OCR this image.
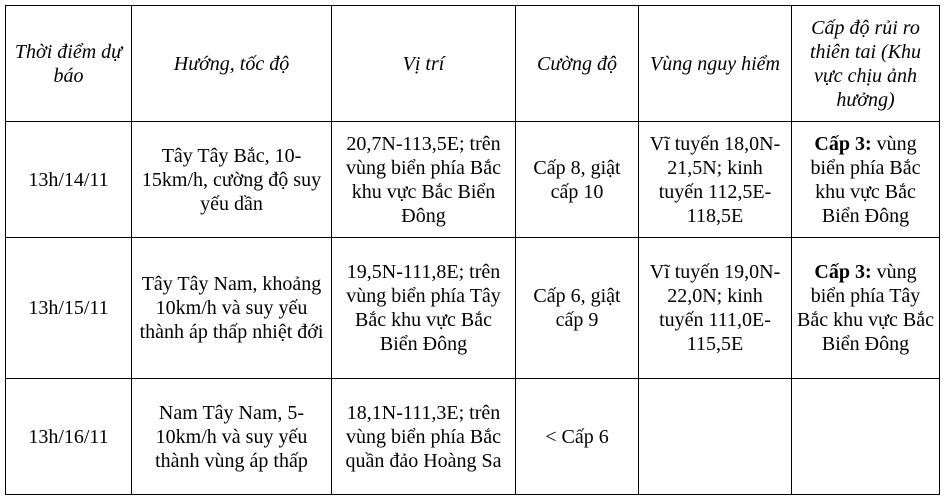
Thời điểm dự báo	Hướng, tốc độ	Vị trí	Cường độ	Vùng nguy hiểm	Cấp độ rủi ro thiên tai (Khu vực chịu ảnh hưởng)
13h/14/11	Tây Tây Bắc, 10-15km/h, cường độ suy yếu dần	20,7N-113,5E; trên vùng biển phía Bắc khu vực Bắc Biển Đông	Cấp 8, giật cấp 10	Vĩ tuyến 18,0N-21,5N; kinh tuyến 112,5E-118,5E	Cấp 3: vùng biển phía Bắc khu vực Bắc Biển Đông
13h/15/11	Tây Tây Nam, khoảng 10km/h và suy yếu thành áp thấp nhiệt đới	19,5N-111,8E; trên vùng biển phía Tây Bắc khu vực Bắc Biển Đông	Cấp 6, giật cấp 9	Vĩ tuyến 19,0N-22,0N; kinh tuyến 111,0E-115,5E	Cấp 3: vùng biển phía Tây Bắc khu vực Bắc Biển Đông
13h/16/11	Nam Tây Nam, 5-10km/h và suy yếu thành vùng áp thấp	18,1N-111,3E; trên vùng biển phía Bắc quần đảo Hoàng Sa	< Cấp 6		
